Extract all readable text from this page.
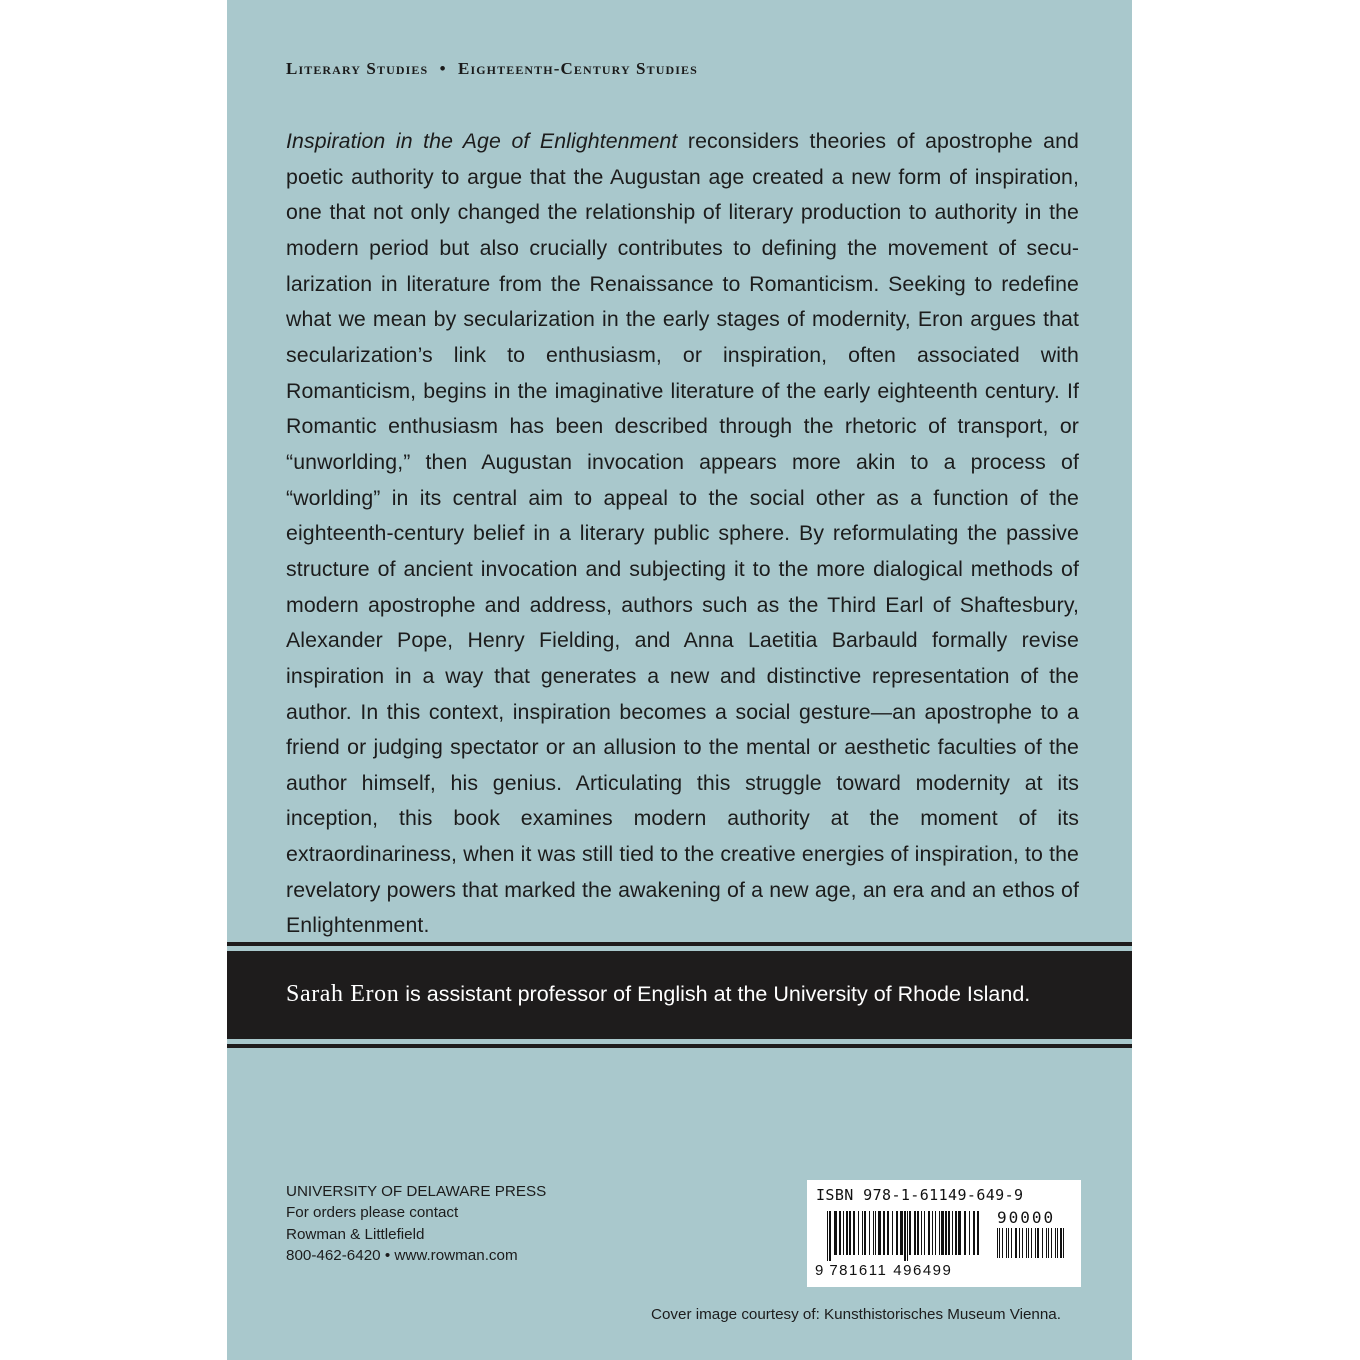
Literary Studies • Eighteenth-Century Studies
Inspiration in the Age of Enlightenment reconsiders theories of apostrophe and poetic authority to argue that the Augustan age created a new form of inspiration, one that not only changed the relationship of literary production to authority in the modern period but also crucially contributes to defining the movement of secularization in literature from the Renaissance to Romanticism. Seeking to redefine what we mean by secularization in the early stages of modernity, Eron argues that secularization’s link to enthusiasm, or inspiration, often associated with Romanticism, begins in the imaginative literature of the early eighteenth century. If Romantic enthusiasm has been described through the rhetoric of transport, or “unworlding,” then Augustan invocation appears more akin to a process of “worlding” in its central aim to appeal to the social other as a function of the eighteenth-century belief in a literary public sphere. By reformulating the passive structure of ancient invocation and subjecting it to the more dialogical methods of modern apostrophe and address, authors such as the Third Earl of Shaftesbury, Alexander Pope, Henry Fielding, and Anna Laetitia Barbauld formally revise inspiration in a way that generates a new and distinctive representation of the author. In this context, inspiration becomes a social gesture—an apostrophe to a friend or judging spectator or an allusion to the mental or aesthetic faculties of the author himself, his genius. Articulating this struggle toward modernity at its inception, this book examines modern authority at the moment of its extraordinariness, when it was still tied to the creative energies of inspiration, to the revelatory powers that marked the awakening of a new age, an era and an ethos of Enlightenment.
Sarah Eron is assistant professor of English at the University of Rhode Island.
UNIVERSITY OF DELAWARE PRESS
For orders please contact
Rowman & Littlefield
800-462-6420 • www.rowman.com
ISBN 978-1-61149-649-9
90000
9 781611 496499
Cover image courtesy of: Kunsthistorisches Museum Vienna.
